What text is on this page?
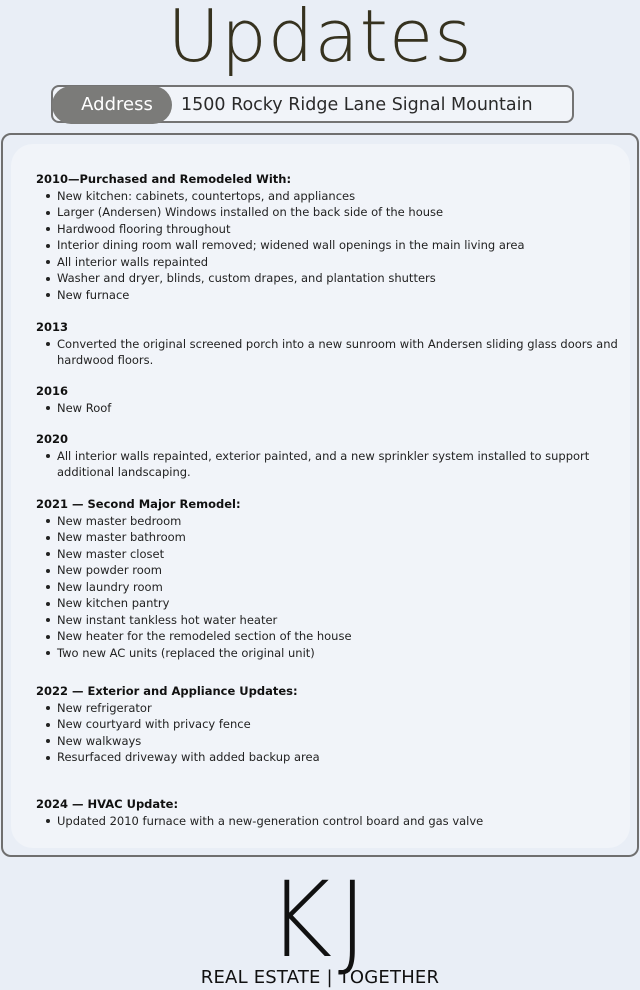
Updates
Address	1500 Rocky Ridge Lane Signal Mountain
2010—Purchased and Remodeled With:
New kitchen: cabinets, countertops, and appliances
Larger (Andersen) Windows installed on the back side of the house
Hardwood flooring throughout
Interior dining room wall removed; widened wall openings in the main living area
All interior walls repainted
Washer and dryer, blinds, custom drapes, and plantation shutters
New furnace
2013
Converted the original screened porch into a new sunroom with Andersen sliding glass doors and hardwood floors.
2016
New Roof
2020
All interior walls repainted, exterior painted, and a new sprinkler system installed to support additional landscaping.
2021 — Second Major Remodel:
New master bedroom
New master bathroom
New master closet
New powder room
New laundry room
New kitchen pantry
New instant tankless hot water heater
New heater for the remodeled section of the house
Two new AC units (replaced the original unit)
2022 — Exterior and Appliance Updates:
New refrigerator
New courtyard with privacy fence
New walkways
Resurfaced driveway with added backup area
2024 — HVAC Update:
Updated 2010 furnace with a new-generation control board and gas valve
KJ
REAL ESTATE | TOGETHER
